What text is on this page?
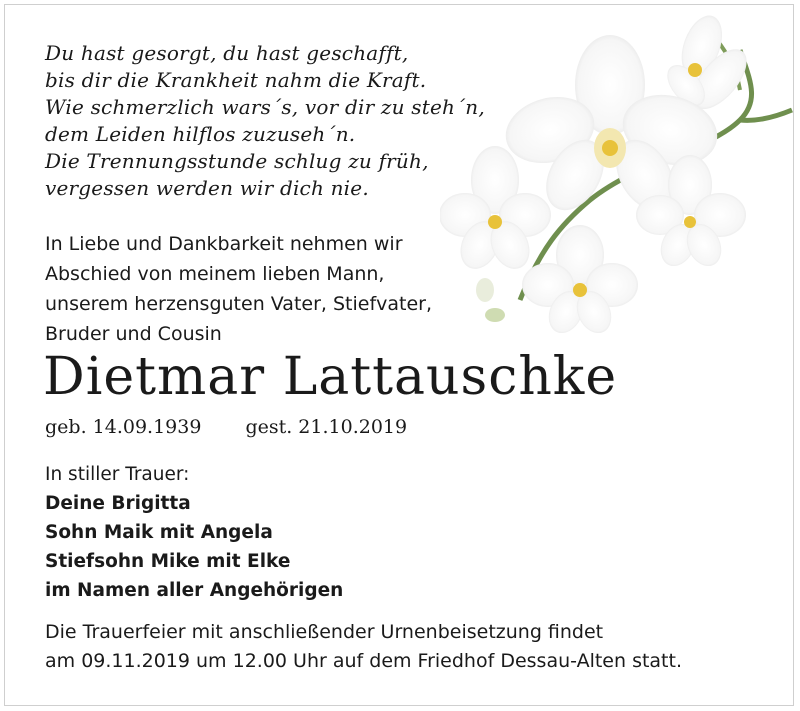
Du hast gesorgt, du hast geschafft,
bis dir die Krankheit nahm die Kraft.
Wie schmerzlich wars´s, vor dir zu steh´n,
dem Leiden hilflos zuzuseh´n.
Die Trennungsstunde schlug zu früh,
vergessen werden wir dich nie.
In Liebe und Dankbarkeit nehmen wir
Abschied von meinem lieben Mann,
unserem herzensguten Vater, Stiefvater,
Bruder und Cousin
Dietmar Lattauschke
geb. 14.09.1939 gest. 21.10.2019
In stiller Trauer:
Deine Brigitta
Sohn Maik mit Angela
Stiefsohn Mike mit Elke
im Namen aller Angehörigen
Die Trauerfeier mit anschließender Urnenbeisetzung findet
am 09.11.2019 um 12.00 Uhr auf dem Friedhof Dessau-Alten statt.
